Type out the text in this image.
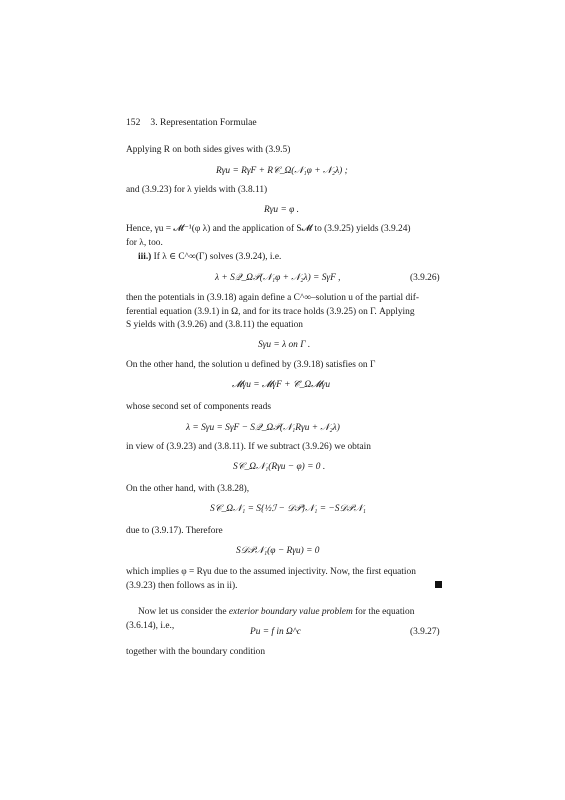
152 3. Representation Formulae
Applying R on both sides gives with (3.9.5)
Rγu = RγF + R𝒞_Ω(𝒩₁φ + 𝒩₂λ) ;
and (3.9.23) for λ yields with (3.8.11)
Rγu = φ .
Hence, γu = 𝓜⁻¹(φ λ) and the application of S𝓜 to (3.9.25) yields (3.9.24)
for λ, too.
iii.) If λ ∈ C^∞(Γ) solves (3.9.24), i.e.
λ + S𝒬_Ω𝒫(𝒩₁φ + 𝒩₂λ) = SγF ,	(3.9.26)
then the potentials in (3.9.18) again define a C^∞–solution u of the partial dif-
ferential equation (3.9.1) in Ω, and for its trace holds (3.9.25) on Γ. Applying
S yields with (3.9.26) and (3.8.11) the equation
Sγu = λ on Γ .
On the other hand, the solution u defined by (3.9.18) satisfies on Γ
𝓜γu = 𝓜γF + 𝒞̃_Ω𝓜γu
whose second set of components reads
λ = Sγu = SγF − S𝒬_Ω𝒫(𝒩₁Rγu + 𝒩₂λ)
in view of (3.9.23) and (3.8.11). If we subtract (3.9.26) we obtain
S𝒞_Ω𝒩₁(Rγu − φ) = 0 .
On the other hand, with (3.8.28),
S𝒞_Ω𝒩₁ = S{½ℐ − 𝒟𝒫}𝒩₁ = −S𝒟𝒫𝒩₁
due to (3.9.17). Therefore
S𝒟𝒫𝒩₁(φ − Rγu) = 0
which implies φ = Rγu due to the assumed injectivity. Now, the first equation
(3.9.23) then follows as in ii).
Now let us consider the exterior boundary value problem for the equation
(3.6.14), i.e.,
Pu = f in Ω^c	(3.9.27)
together with the boundary condition
